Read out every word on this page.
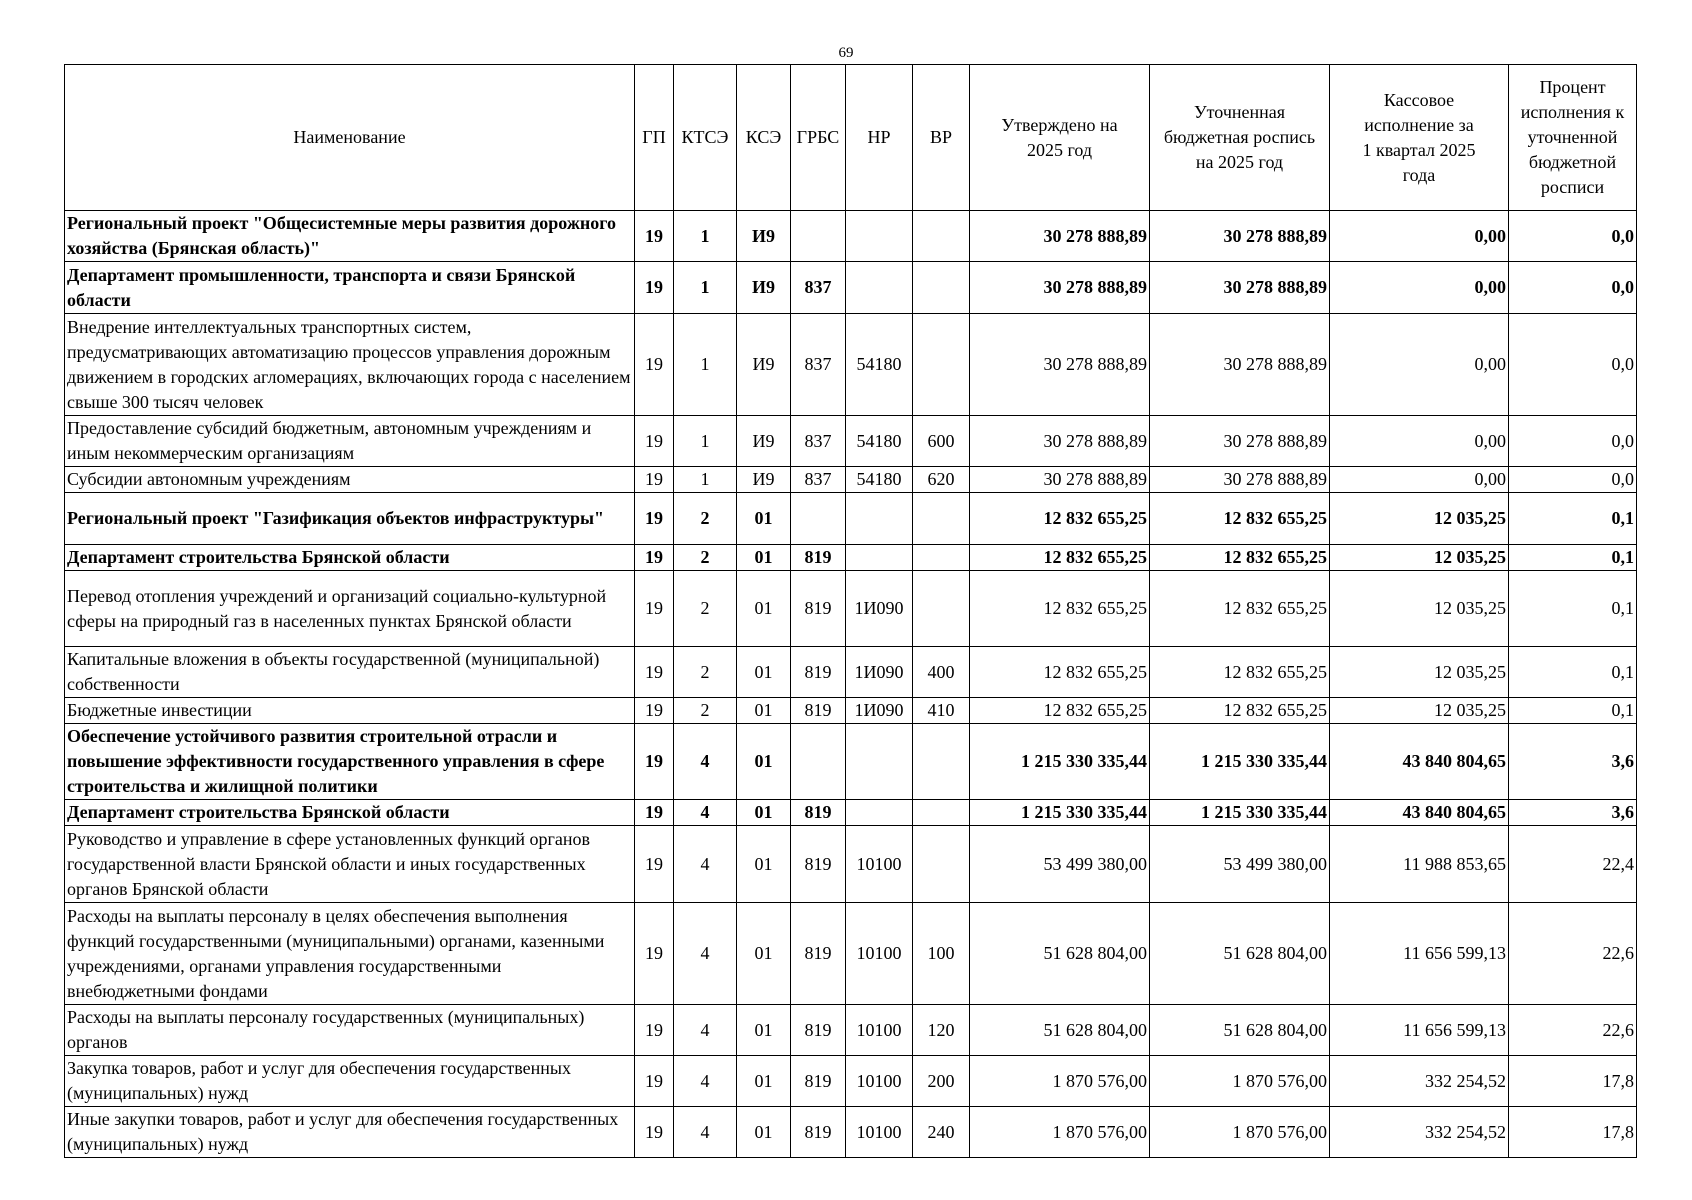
69
Наименование	ГП	КТСЭ	КСЭ	ГРБС	НР	ВР	Утверждено на 2025 год	Уточненная бюджетная роспись на 2025 год	Кассовое исполнение за 1 квартал 2025 года	Процент исполнения к уточненной бюджетной росписи

Региональный проект "Общесистемные меры развития дорожного хозяйства (Брянская область)"	19	1	И9				30 278 888,89	30 278 888,89	0,00	0,0
Департамент промышленности, транспорта и связи Брянской области	19	1	И9	837			30 278 888,89	30 278 888,89	0,00	0,0
Внедрение интеллектуальных транспортных систем, предусматривающих автоматизацию процессов управления дорожным движением в городских агломерациях, включающих города с населением свыше 300 тысяч человек	19	1	И9	837	54180		30 278 888,89	30 278 888,89	0,00	0,0
Предоставление субсидий бюджетным, автономным учреждениям и иным некоммерческим организациям	19	1	И9	837	54180	600	30 278 888,89	30 278 888,89	0,00	0,0
Субсидии автономным учреждениям	19	1	И9	837	54180	620	30 278 888,89	30 278 888,89	0,00	0,0
Региональный проект "Газификация объектов инфраструктуры"	19	2	01				12 832 655,25	12 832 655,25	12 035,25	0,1
Департамент строительства Брянской области	19	2	01	819			12 832 655,25	12 832 655,25	12 035,25	0,1
Перевод отопления учреждений и организаций социально-культурной сферы на природный газ в населенных пунктах Брянской области	19	2	01	819	1И090		12 832 655,25	12 832 655,25	12 035,25	0,1
Капитальные вложения в объекты государственной (муниципальной) собственности	19	2	01	819	1И090	400	12 832 655,25	12 832 655,25	12 035,25	0,1
Бюджетные инвестиции	19	2	01	819	1И090	410	12 832 655,25	12 832 655,25	12 035,25	0,1
Обеспечение устойчивого развития строительной отрасли и повышение эффективности государственного управления в сфере строительства и жилищной политики	19	4	01				1 215 330 335,44	1 215 330 335,44	43 840 804,65	3,6
Департамент строительства Брянской области	19	4	01	819			1 215 330 335,44	1 215 330 335,44	43 840 804,65	3,6
Руководство и управление в сфере установленных функций органов государственной власти Брянской области и иных государственных органов Брянской области	19	4	01	819	10100		53 499 380,00	53 499 380,00	11 988 853,65	22,4
Расходы на выплаты персоналу в целях обеспечения выполнения функций государственными (муниципальными) органами, казенными учреждениями, органами управления государственными внебюджетными фондами	19	4	01	819	10100	100	51 628 804,00	51 628 804,00	11 656 599,13	22,6
Расходы на выплаты персоналу государственных (муниципальных) органов	19	4	01	819	10100	120	51 628 804,00	51 628 804,00	11 656 599,13	22,6
Закупка товаров, работ и услуг для обеспечения государственных (муниципальных) нужд	19	4	01	819	10100	200	1 870 576,00	1 870 576,00	332 254,52	17,8
Иные закупки товаров, работ и услуг для обеспечения государственных (муниципальных) нужд	19	4	01	819	10100	240	1 870 576,00	1 870 576,00	332 254,52	17,8
